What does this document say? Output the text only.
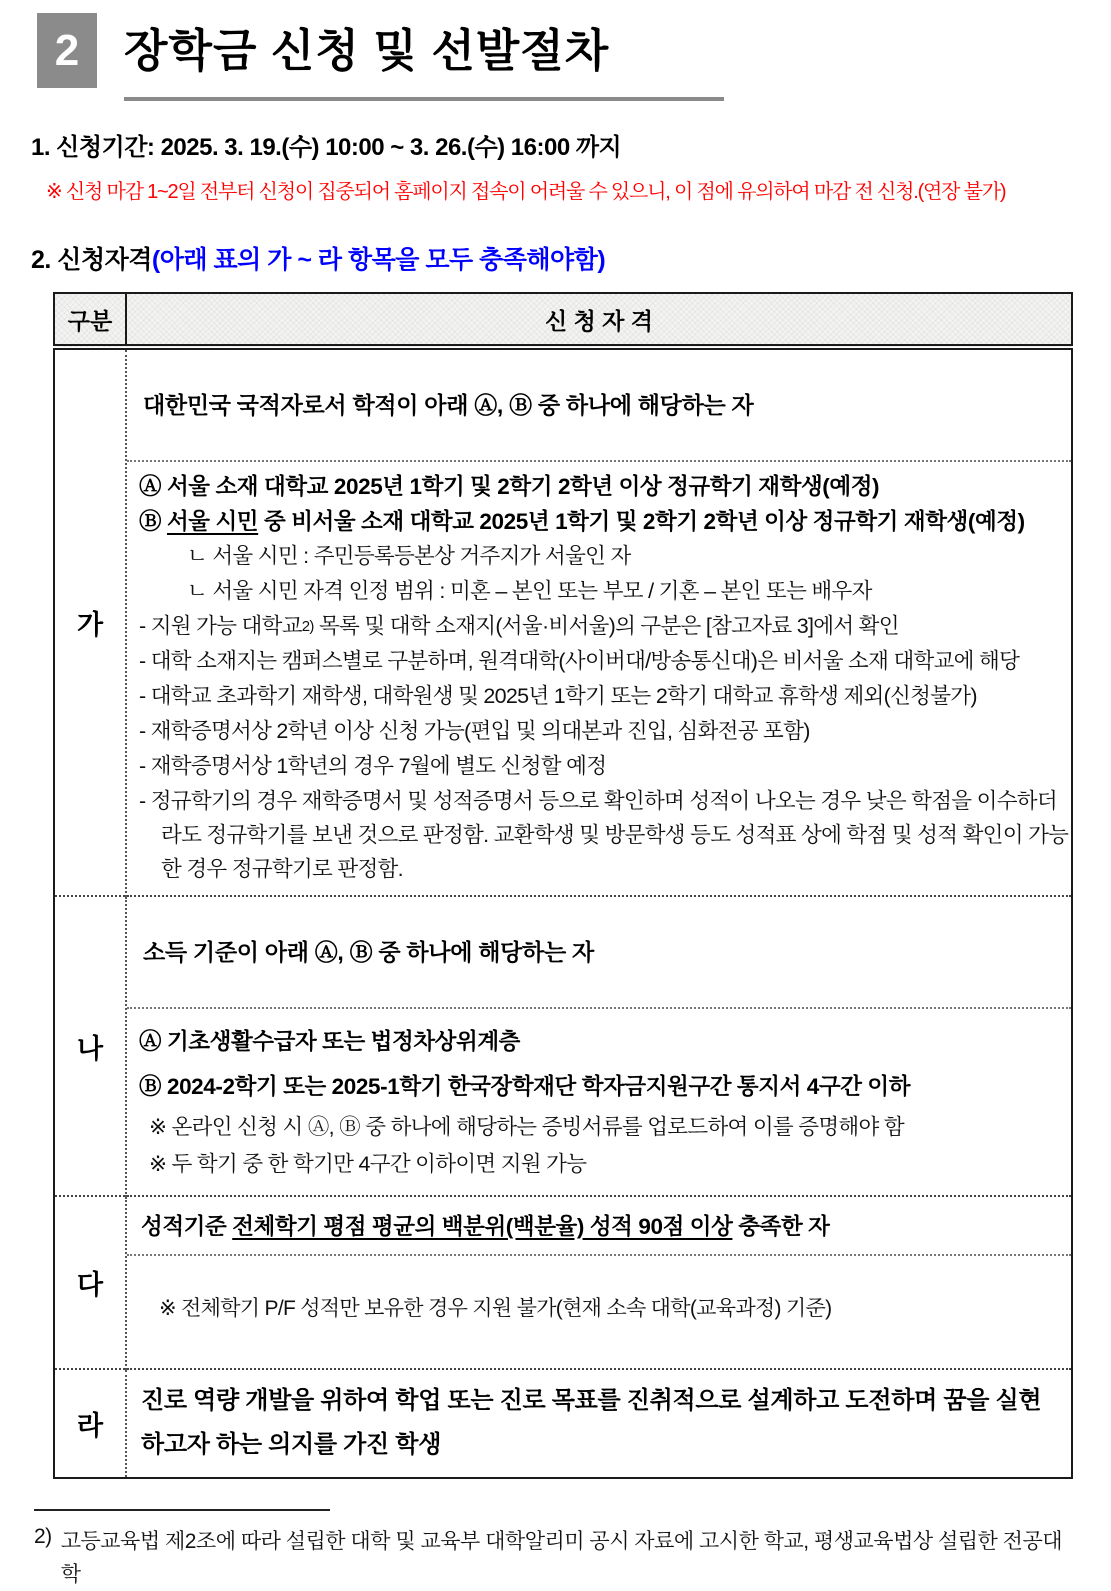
2 장학금 신청 및 선발절차
1. 신청기간: 2025. 3. 19.(수) 10:00 ~ 3. 26.(수) 16:00 까지
※ 신청 마감 1~2일 전부터 신청이 집중되어 홈페이지 접속이 어려울 수 있으니, 이 점에 유의하여 마감 전 신청.(연장 불가)
2. 신청자격(아래 표의 가 ~ 라 항목을 모두 충족해야함)
구분	신 청 자 격
가	
대한민국 국적자로서 학적이 아래 Ⓐ, Ⓑ 중 하나에 해당하는 자
Ⓐ 서울 소재 대학교 2025년 1학기 및 2학기 2학년 이상 정규학기 재학생(예정)
Ⓑ 서울 시민 중 비서울 소재 대학교 2025년 1학기 및 2학기 2학년 이상 정규학기 재학생(예정)
ㄴ 서울 시민 : 주민등록등본상 거주지가 서울인 자
ㄴ 서울 시민 자격 인정 범위 : 미혼 – 본인 또는 부모 / 기혼 – 본인 또는 배우자
- 지원 가능 대학교2) 목록 및 대학 소재지(서울·비서울)의 구분은 [참고자료 3]에서 확인
- 대학 소재지는 캠퍼스별로 구분하며, 원격대학(사이버대/방송통신대)은 비서울 소재 대학교에 해당
- 대학교 초과학기 재학생, 대학원생 및 2025년 1학기 또는 2학기 대학교 휴학생 제외(신청불가)
- 재학증명서상 2학년 이상 신청 가능(편입 및 의대본과 진입, 심화전공 포함)
- 재학증명서상 1학년의 경우 7월에 별도 신청할 예정
- 정규학기의 경우 재학증명서 및 성적증명서 등으로 확인하며 성적이 나오는 경우 낮은 학점을 이수하더라도 정규학기를 보낸 것으로 판정함. 교환학생 및 방문학생 등도 성적표 상에 학점 및 성적 확인이 가능한 경우 정규학기로 판정함.

나	소득 기준이 아래 Ⓐ, Ⓑ 중 하나에 해당하는 자
Ⓐ 기초생활수급자 또는 법정차상위계층
Ⓑ 2024-2학기 또는 2025-1학기 한국장학재단 학자금지원구간 통지서 4구간 이하
※ 온라인 신청 시 Ⓐ, Ⓑ 중 하나에 해당하는 증빙서류를 업로드하여 이를 증명해야 함
※ 두 학기 중 한 학기만 4구간 이하이면 지원 가능

다	성적기준 전체학기 평점 평균의 백분위(백분율) 성적 90점 이상 충족한 자
※ 전체학기 P/F 성적만 보유한 경우 지원 불가(현재 소속 대학(교육과정) 기준)

라	진로 역량 개발을 위하여 학업 또는 진로 목표를 진취적으로 설계하고 도전하며 꿈을 실현하고자 하는 의지를 가진 학생
2) 고등교육법 제2조에 따라 설립한 대학 및 교육부 대학알리미 공시 자료에 고시한 학교, 평생교육법상 설립한 전공대학
